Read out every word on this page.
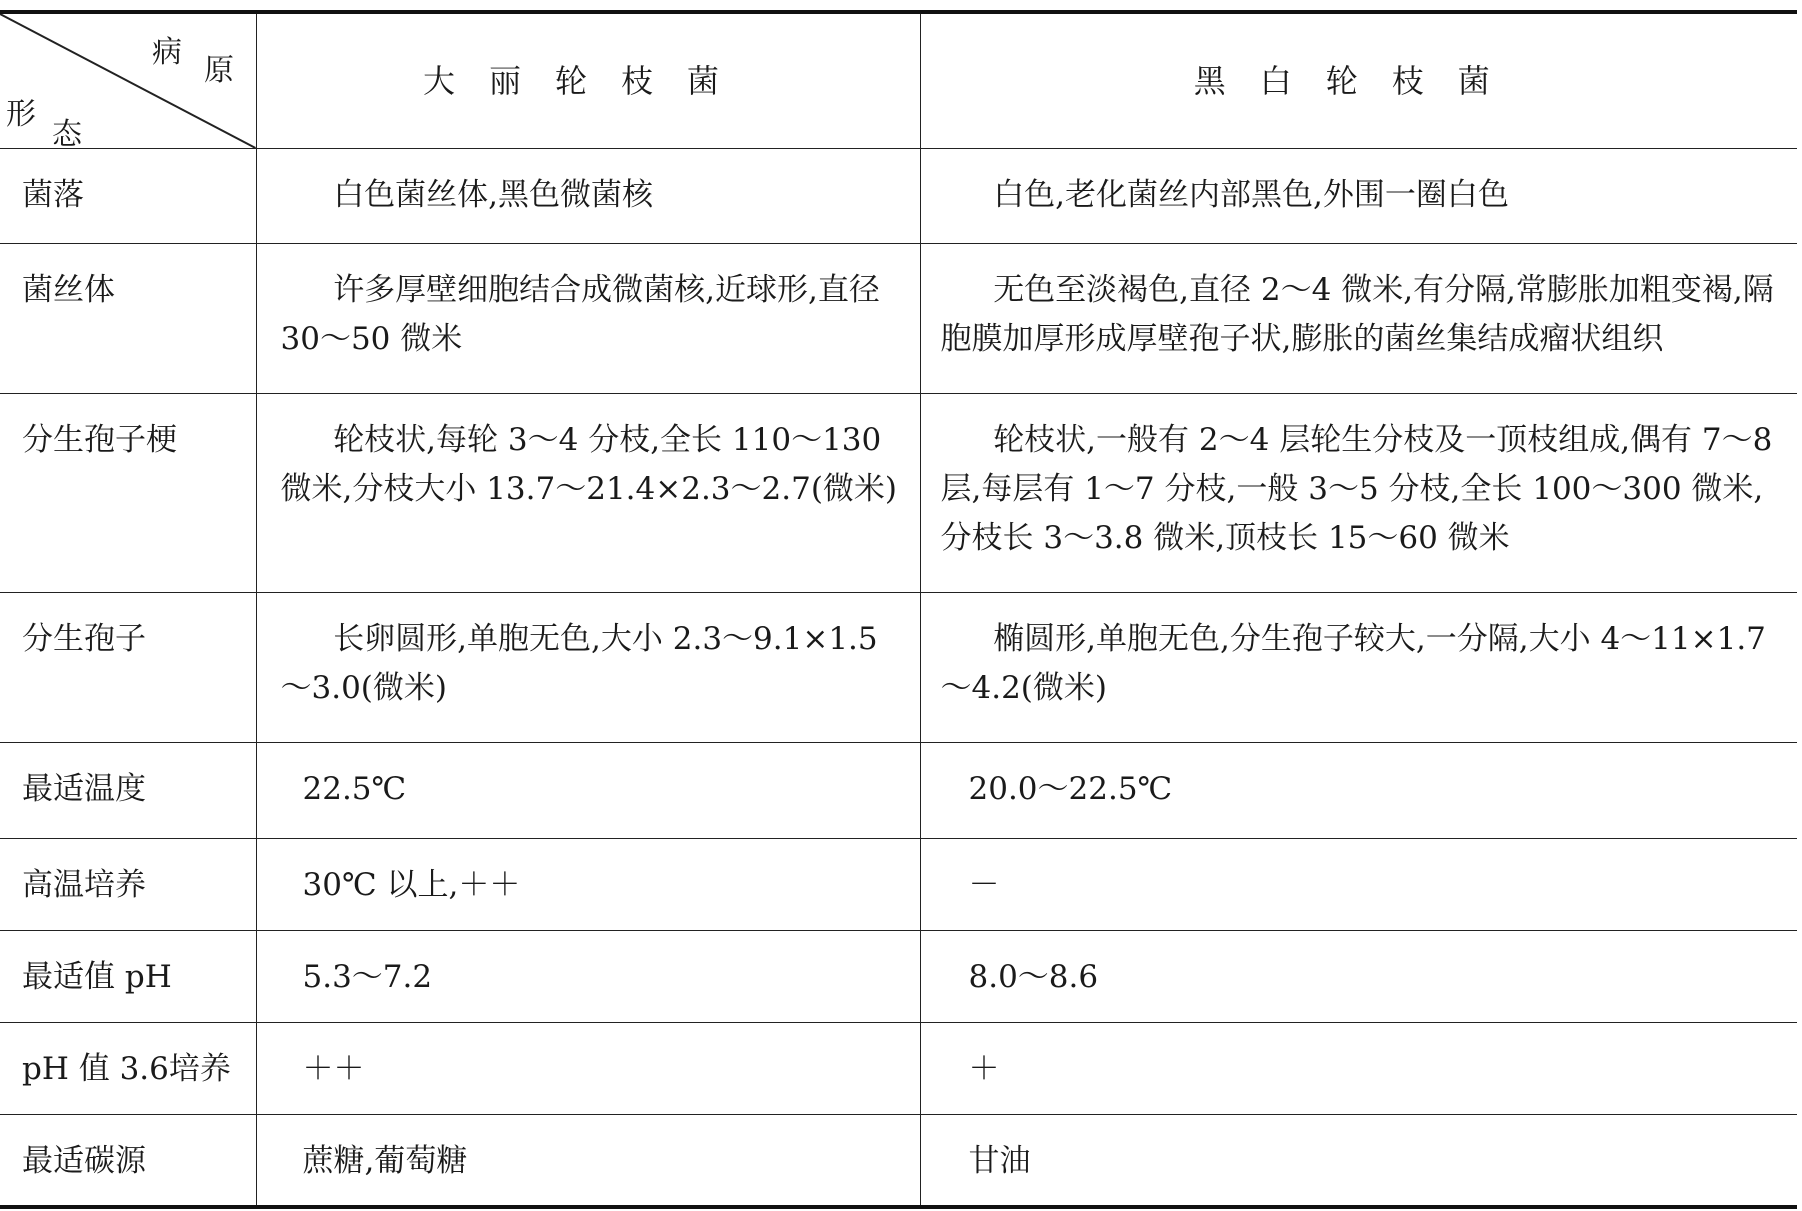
病
原
形
态	大丽轮枝菌	黑白轮枝菌
菌落	白色菌丝体,黑色微菌核	白色,老化菌丝内部黑色,外围一圈白色
菌丝体	许多厚壁细胞结合成微菌核,近球形,直径30～50 微米	无色至淡褐色,直径 2～4 微米,有分隔,常膨胀加粗变褐,隔胞膜加厚形成厚壁孢子状,膨胀的菌丝集结成瘤状组织
分生孢子梗	轮枝状,每轮 3～4 分枝,全长 110～130 微米,分枝大小 13.7～21.4×2.3～2.7(微米)	轮枝状,一般有 2～4 层轮生分枝及一顶枝组成,偶有 7～8 层,每层有 1～7 分枝,一般 3～5 分枝,全长 100～300 微米,分枝长 3～3.8 微米,顶枝长 15～60 微米
分生孢子	长卵圆形,单胞无色,大小 2.3～9.1×1.5～3.0(微米)	椭圆形,单胞无色,分生孢子较大,一分隔,大小 4～11×1.7～4.2(微米)
最适温度	22.5℃	20.0～22.5℃
高温培养	30℃ 以上,＋＋	－
最适值 pH	5.3～7.2	8.0～8.6
pH 值 3.6培养	＋＋	＋
最适碳源	蔗糖,葡萄糖	甘油
